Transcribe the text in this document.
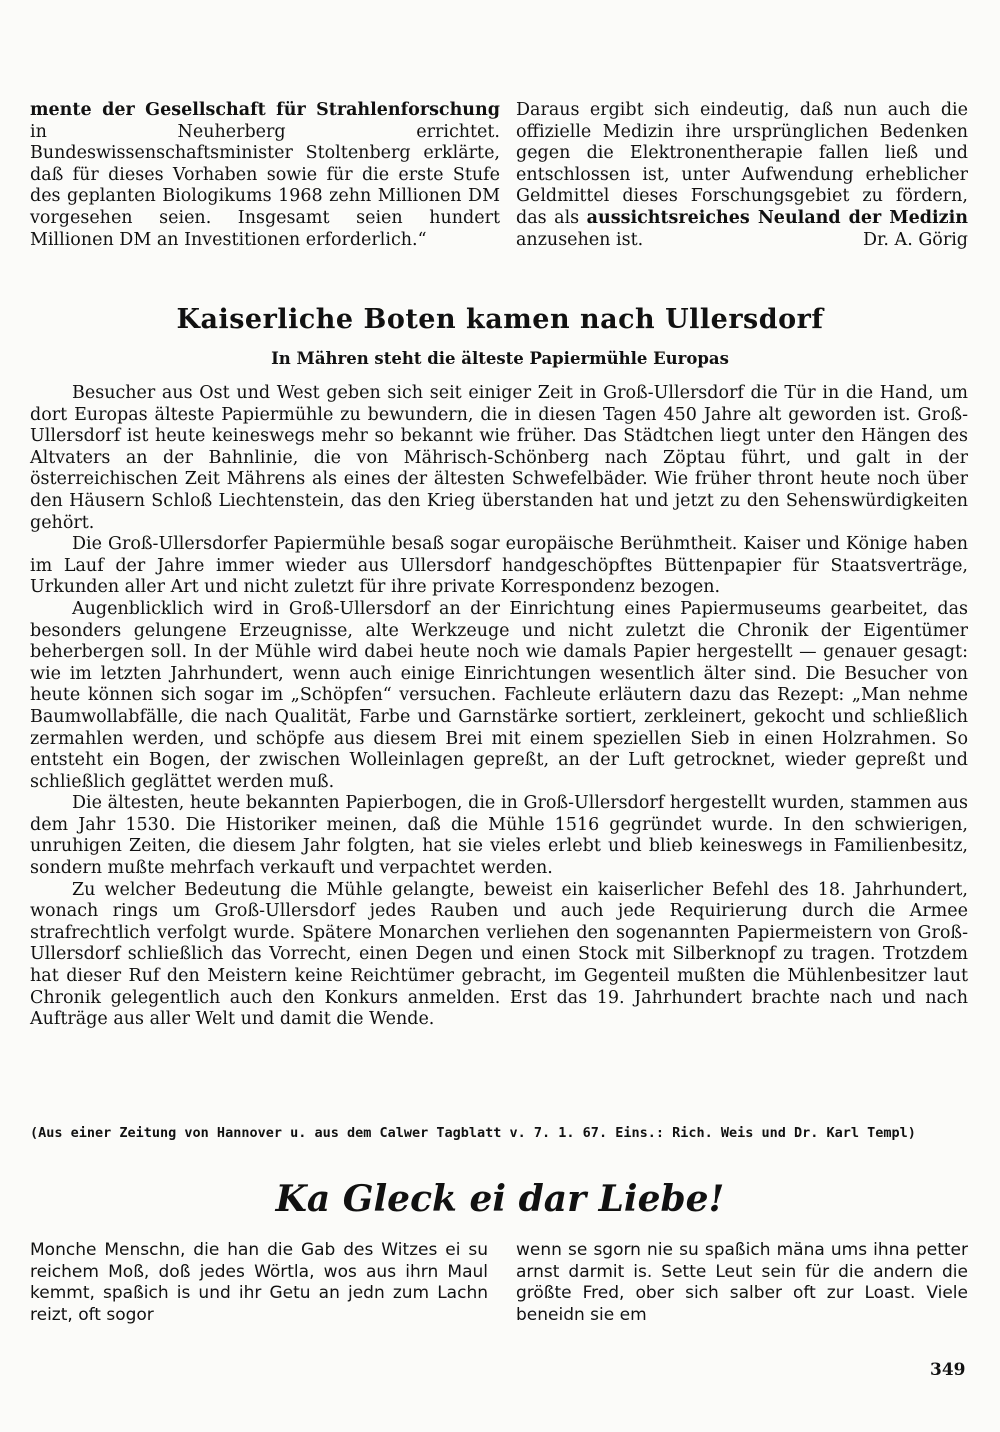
mente der Gesellschaft für Strahlenforschung in Neuherberg errichtet. Bundeswissenschaftsminister Stoltenberg erklärte, daß für dieses Vorhaben sowie für die erste Stufe des geplanten Biologikums 1968 zehn Millionen DM vorgesehen seien. Insgesamt seien hundert Millionen DM an Investitionen erforderlich.“
Daraus ergibt sich eindeutig, daß nun auch die offizielle Medizin ihre ursprünglichen Bedenken gegen die Elektronentherapie fallen ließ und entschlossen ist, unter Aufwendung erheblicher Geldmittel dieses Forschungsgebiet zu fördern, das als aussichtsreiches Neuland der Medizin anzusehen ist.	Dr. A. Görig
Kaiserliche Boten kamen nach Ullersdorf
In Mähren steht die älteste Papiermühle Europas

Besucher aus Ost und West geben sich seit einiger Zeit in Groß-Ullersdorf die Tür in die Hand, um dort Europas älteste Papiermühle zu bewundern, die in diesen Tagen 450 Jahre alt geworden ist. Groß-Ullersdorf ist heute keineswegs mehr so bekannt wie früher. Das Städtchen liegt unter den Hängen des Altvaters an der Bahnlinie, die von Mährisch-Schönberg nach Zöptau führt, und galt in der österreichischen Zeit Mährens als eines der ältesten Schwefelbäder. Wie früher thront heute noch über den Häusern Schloß Liechtenstein, das den Krieg überstanden hat und jetzt zu den Sehenswürdigkeiten gehört.

Die Groß-Ullersdorfer Papiermühle besaß sogar europäische Berühmtheit. Kaiser und Könige haben im Lauf der Jahre immer wieder aus Ullersdorf handgeschöpftes Büttenpapier für Staatsverträge, Urkunden aller Art und nicht zuletzt für ihre private Korrespondenz bezogen.

Augenblicklich wird in Groß-Ullersdorf an der Einrichtung eines Papiermuseums gearbeitet, das besonders gelungene Erzeugnisse, alte Werkzeuge und nicht zuletzt die Chronik der Eigentümer beherbergen soll. In der Mühle wird dabei heute noch wie damals Papier hergestellt — genauer gesagt: wie im letzten Jahrhundert, wenn auch einige Einrichtungen wesentlich älter sind. Die Besucher von heute können sich sogar im „Schöpfen“ versuchen. Fachleute erläutern dazu das Rezept: „Man nehme Baumwollabfälle, die nach Qualität, Farbe und Garnstärke sortiert, zerkleinert, gekocht und schließlich zermahlen werden, und schöpfe aus diesem Brei mit einem speziellen Sieb in einen Holzrahmen. So entsteht ein Bogen, der zwischen Wolleinlagen gepreßt, an der Luft getrocknet, wieder gepreßt und schließlich geglättet werden muß.

Die ältesten, heute bekannten Papierbogen, die in Groß-Ullersdorf hergestellt wurden, stammen aus dem Jahr 1530. Die Historiker meinen, daß die Mühle 1516 gegründet wurde. In den schwierigen, unruhigen Zeiten, die diesem Jahr folgten, hat sie vieles erlebt und blieb keineswegs in Familienbesitz, sondern mußte mehrfach verkauft und verpachtet werden.

Zu welcher Bedeutung die Mühle gelangte, beweist ein kaiserlicher Befehl des 18. Jahrhundert, wonach rings um Groß-Ullersdorf jedes Rauben und auch jede Requirierung durch die Armee strafrechtlich verfolgt wurde. Spätere Monarchen verliehen den sogenannten Papiermeistern von Groß-Ullersdorf schließlich das Vorrecht, einen Degen und einen Stock mit Silberknopf zu tragen. Trotzdem hat dieser Ruf den Meistern keine Reichtümer gebracht, im Gegenteil mußten die Mühlenbesitzer laut Chronik gelegentlich auch den Konkurs anmelden. Erst das 19. Jahrhundert brachte nach und nach Aufträge aus aller Welt und damit die Wende.

(Aus einer Zeitung von Hannover u. aus dem Calwer Tagblatt v. 7. 1. 67. Eins.: Rich. Weis und Dr. Karl Templ)
Ka Gleck ei dar Liebe!
Monche Menschn, die han die Gab des Witzes ei su reichem Moß, doß jedes Wörtla, wos aus ihrn Maul kemmt, spaßich is und ihr Getu an jedn zum Lachn reizt, oft sogor
wenn se sgorn nie su spaßich mäna ums ihna petter arnst darmit is. Sette Leut sein für die andern die größte Fred, ober sich salber oft zur Loast. Viele beneidn sie em
349
